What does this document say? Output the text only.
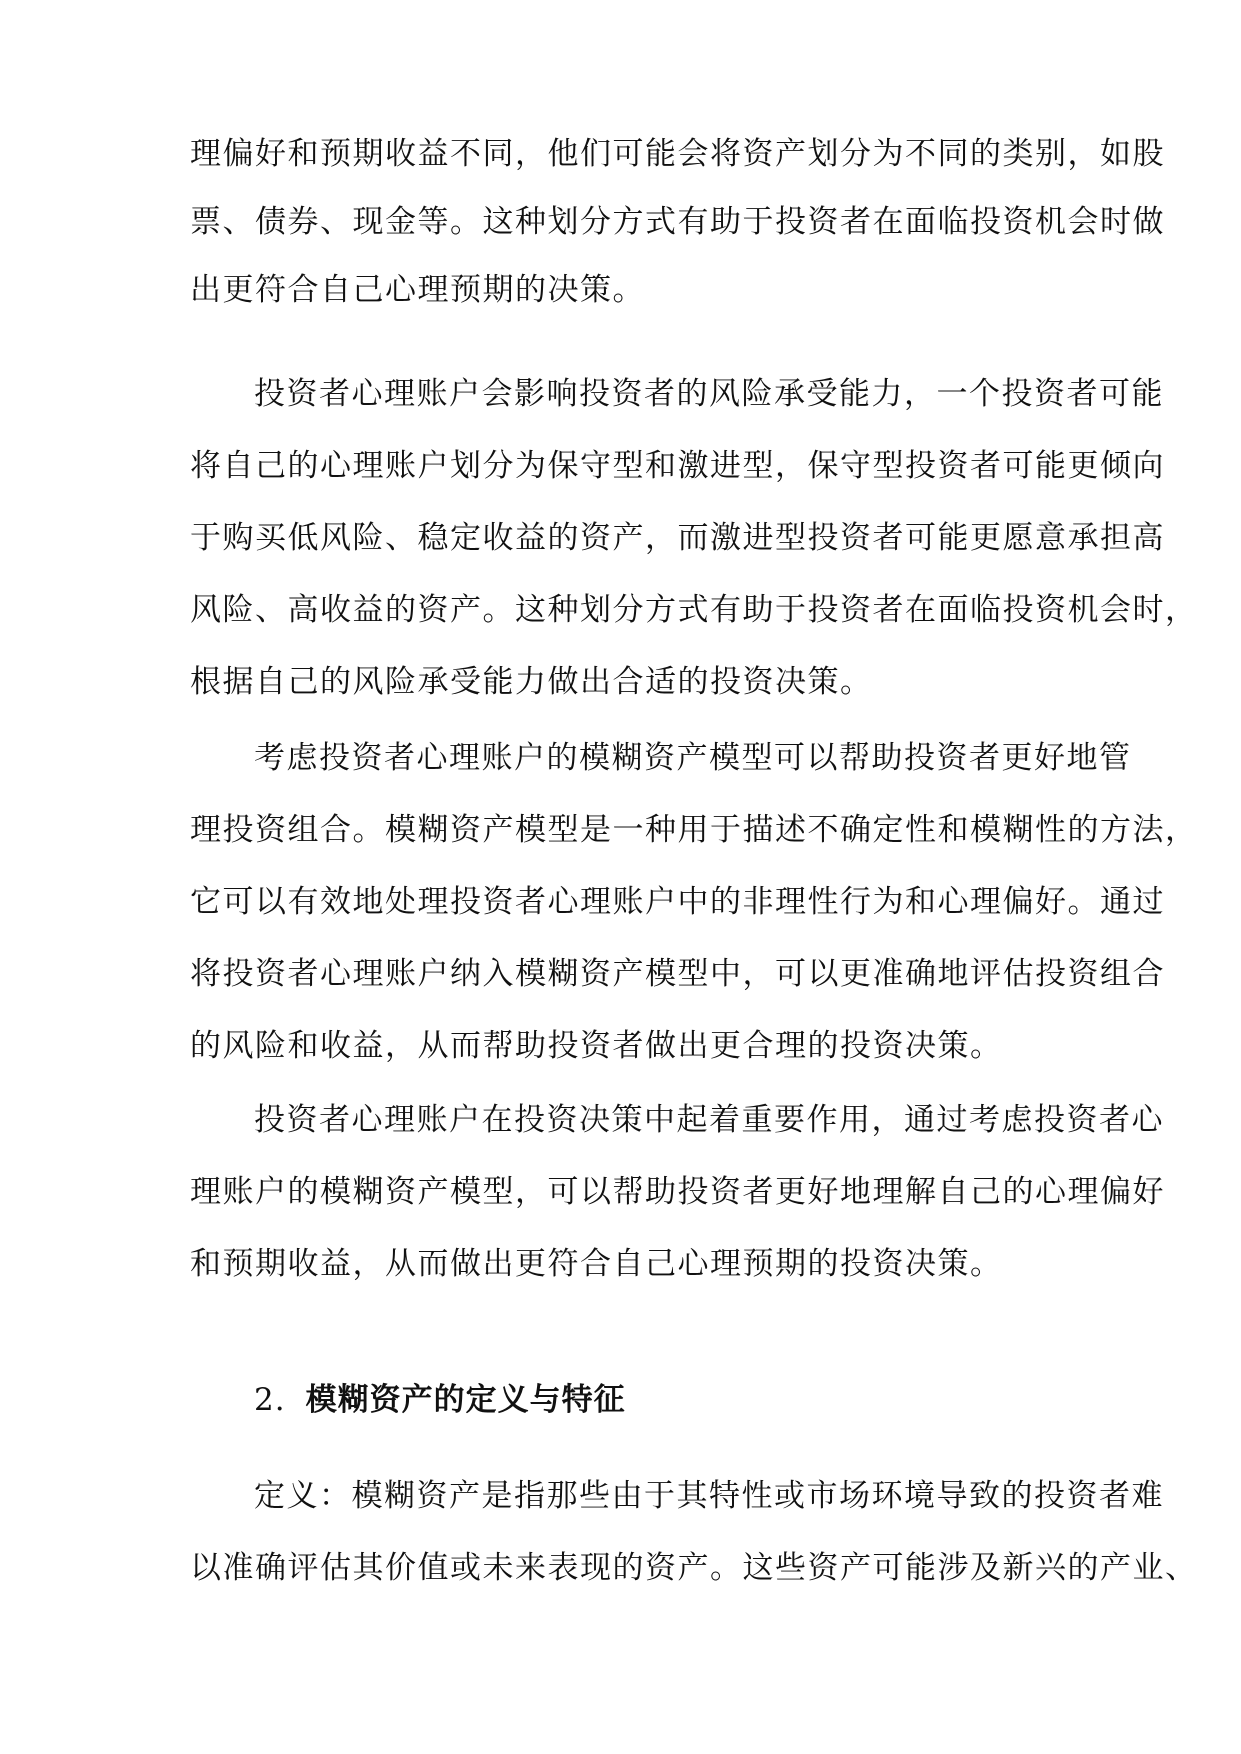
理偏好和预期收益不同，他们可能会将资产划分为不同的类别，如股
票、债券、现金等。这种划分方式有助于投资者在面临投资机会时做
出更符合自己心理预期的决策。
投资者心理账户会影响投资者的风险承受能力，一个投资者可能
将自己的心理账户划分为保守型和激进型，保守型投资者可能更倾向
于购买低风险、稳定收益的资产，而激进型投资者可能更愿意承担高
风险、高收益的资产。这种划分方式有助于投资者在面临投资机会时，
根据自己的风险承受能力做出合适的投资决策。
考虑投资者心理账户的模糊资产模型可以帮助投资者更好地管
理投资组合。模糊资产模型是一种用于描述不确定性和模糊性的方法，
它可以有效地处理投资者心理账户中的非理性行为和心理偏好。通过
将投资者心理账户纳入模糊资产模型中，可以更准确地评估投资组合
的风险和收益，从而帮助投资者做出更合理的投资决策。
投资者心理账户在投资决策中起着重要作用，通过考虑投资者心
理账户的模糊资产模型，可以帮助投资者更好地理解自己的心理偏好
和预期收益，从而做出更符合自己心理预期的投资决策。
2. 模糊资产的定义与特征
定义：模糊资产是指那些由于其特性或市场环境导致的投资者难
以准确评估其价值或未来表现的资产。这些资产可能涉及新兴的产业、
